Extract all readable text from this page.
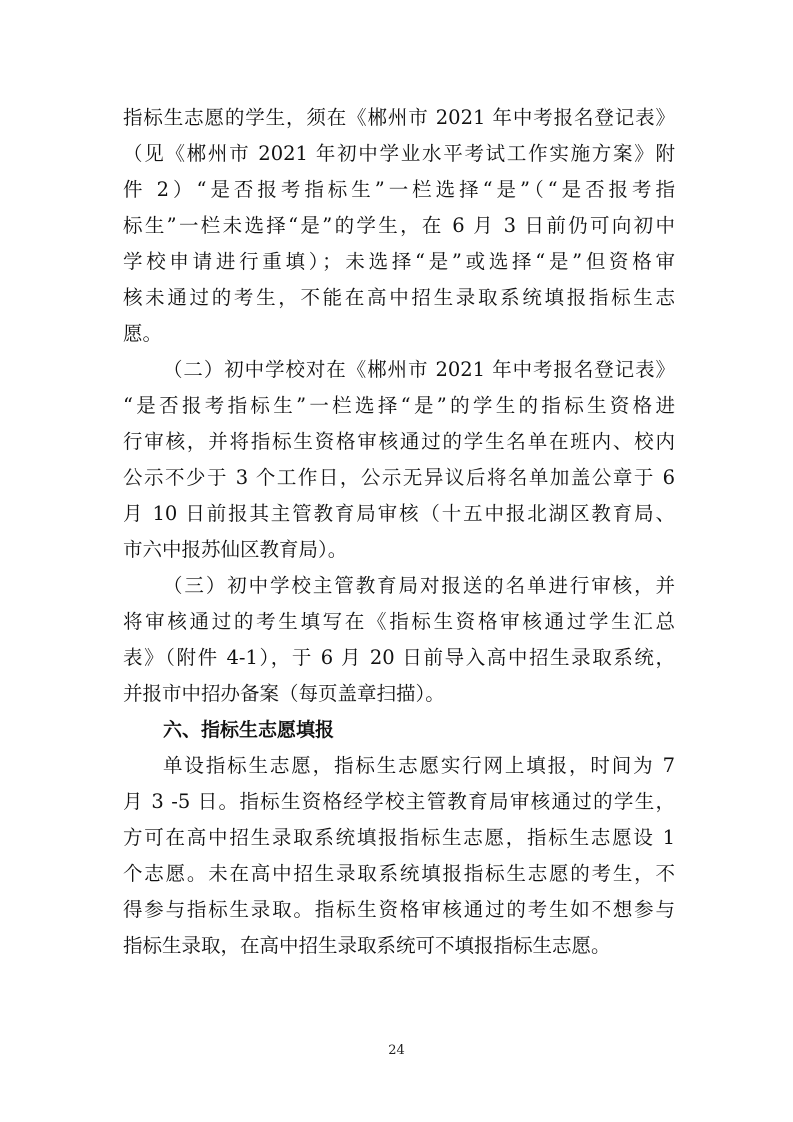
指标生志愿的学生，须在《郴州市 2021 年中考报名登记表》
（见《郴州市 2021 年初中学业水平考试工作实施方案》附
件 2）“是否报考指标生”一栏选择“是”（“是否报考指
标生”一栏未选择“是”的学生，在 6 月 3 日前仍可向初中
学校申请进行重填）；未选择“是”或选择“是”但资格审
核未通过的考生，不能在高中招生录取系统填报指标生志
愿。
（二）初中学校对在《郴州市 2021 年中考报名登记表》
“是否报考指标生”一栏选择“是”的学生的指标生资格进
行审核，并将指标生资格审核通过的学生名单在班内、校内
公示不少于 3 个工作日，公示无异议后将名单加盖公章于 6
月 10 日前报其主管教育局审核（十五中报北湖区教育局、
市六中报苏仙区教育局）。
（三）初中学校主管教育局对报送的名单进行审核，并
将审核通过的考生填写在《指标生资格审核通过学生汇总
表》（附件 4-1），于 6 月 20 日前导入高中招生录取系统，
并报市中招办备案（每页盖章扫描）。
六、指标生志愿填报
单设指标生志愿，指标生志愿实行网上填报，时间为 7
月 3 -5 日。指标生资格经学校主管教育局审核通过的学生，
方可在高中招生录取系统填报指标生志愿，指标生志愿设 1
个志愿。未在高中招生录取系统填报指标生志愿的考生，不
得参与指标生录取。指标生资格审核通过的考生如不想参与
指标生录取，在高中招生录取系统可不填报指标生志愿。
24
